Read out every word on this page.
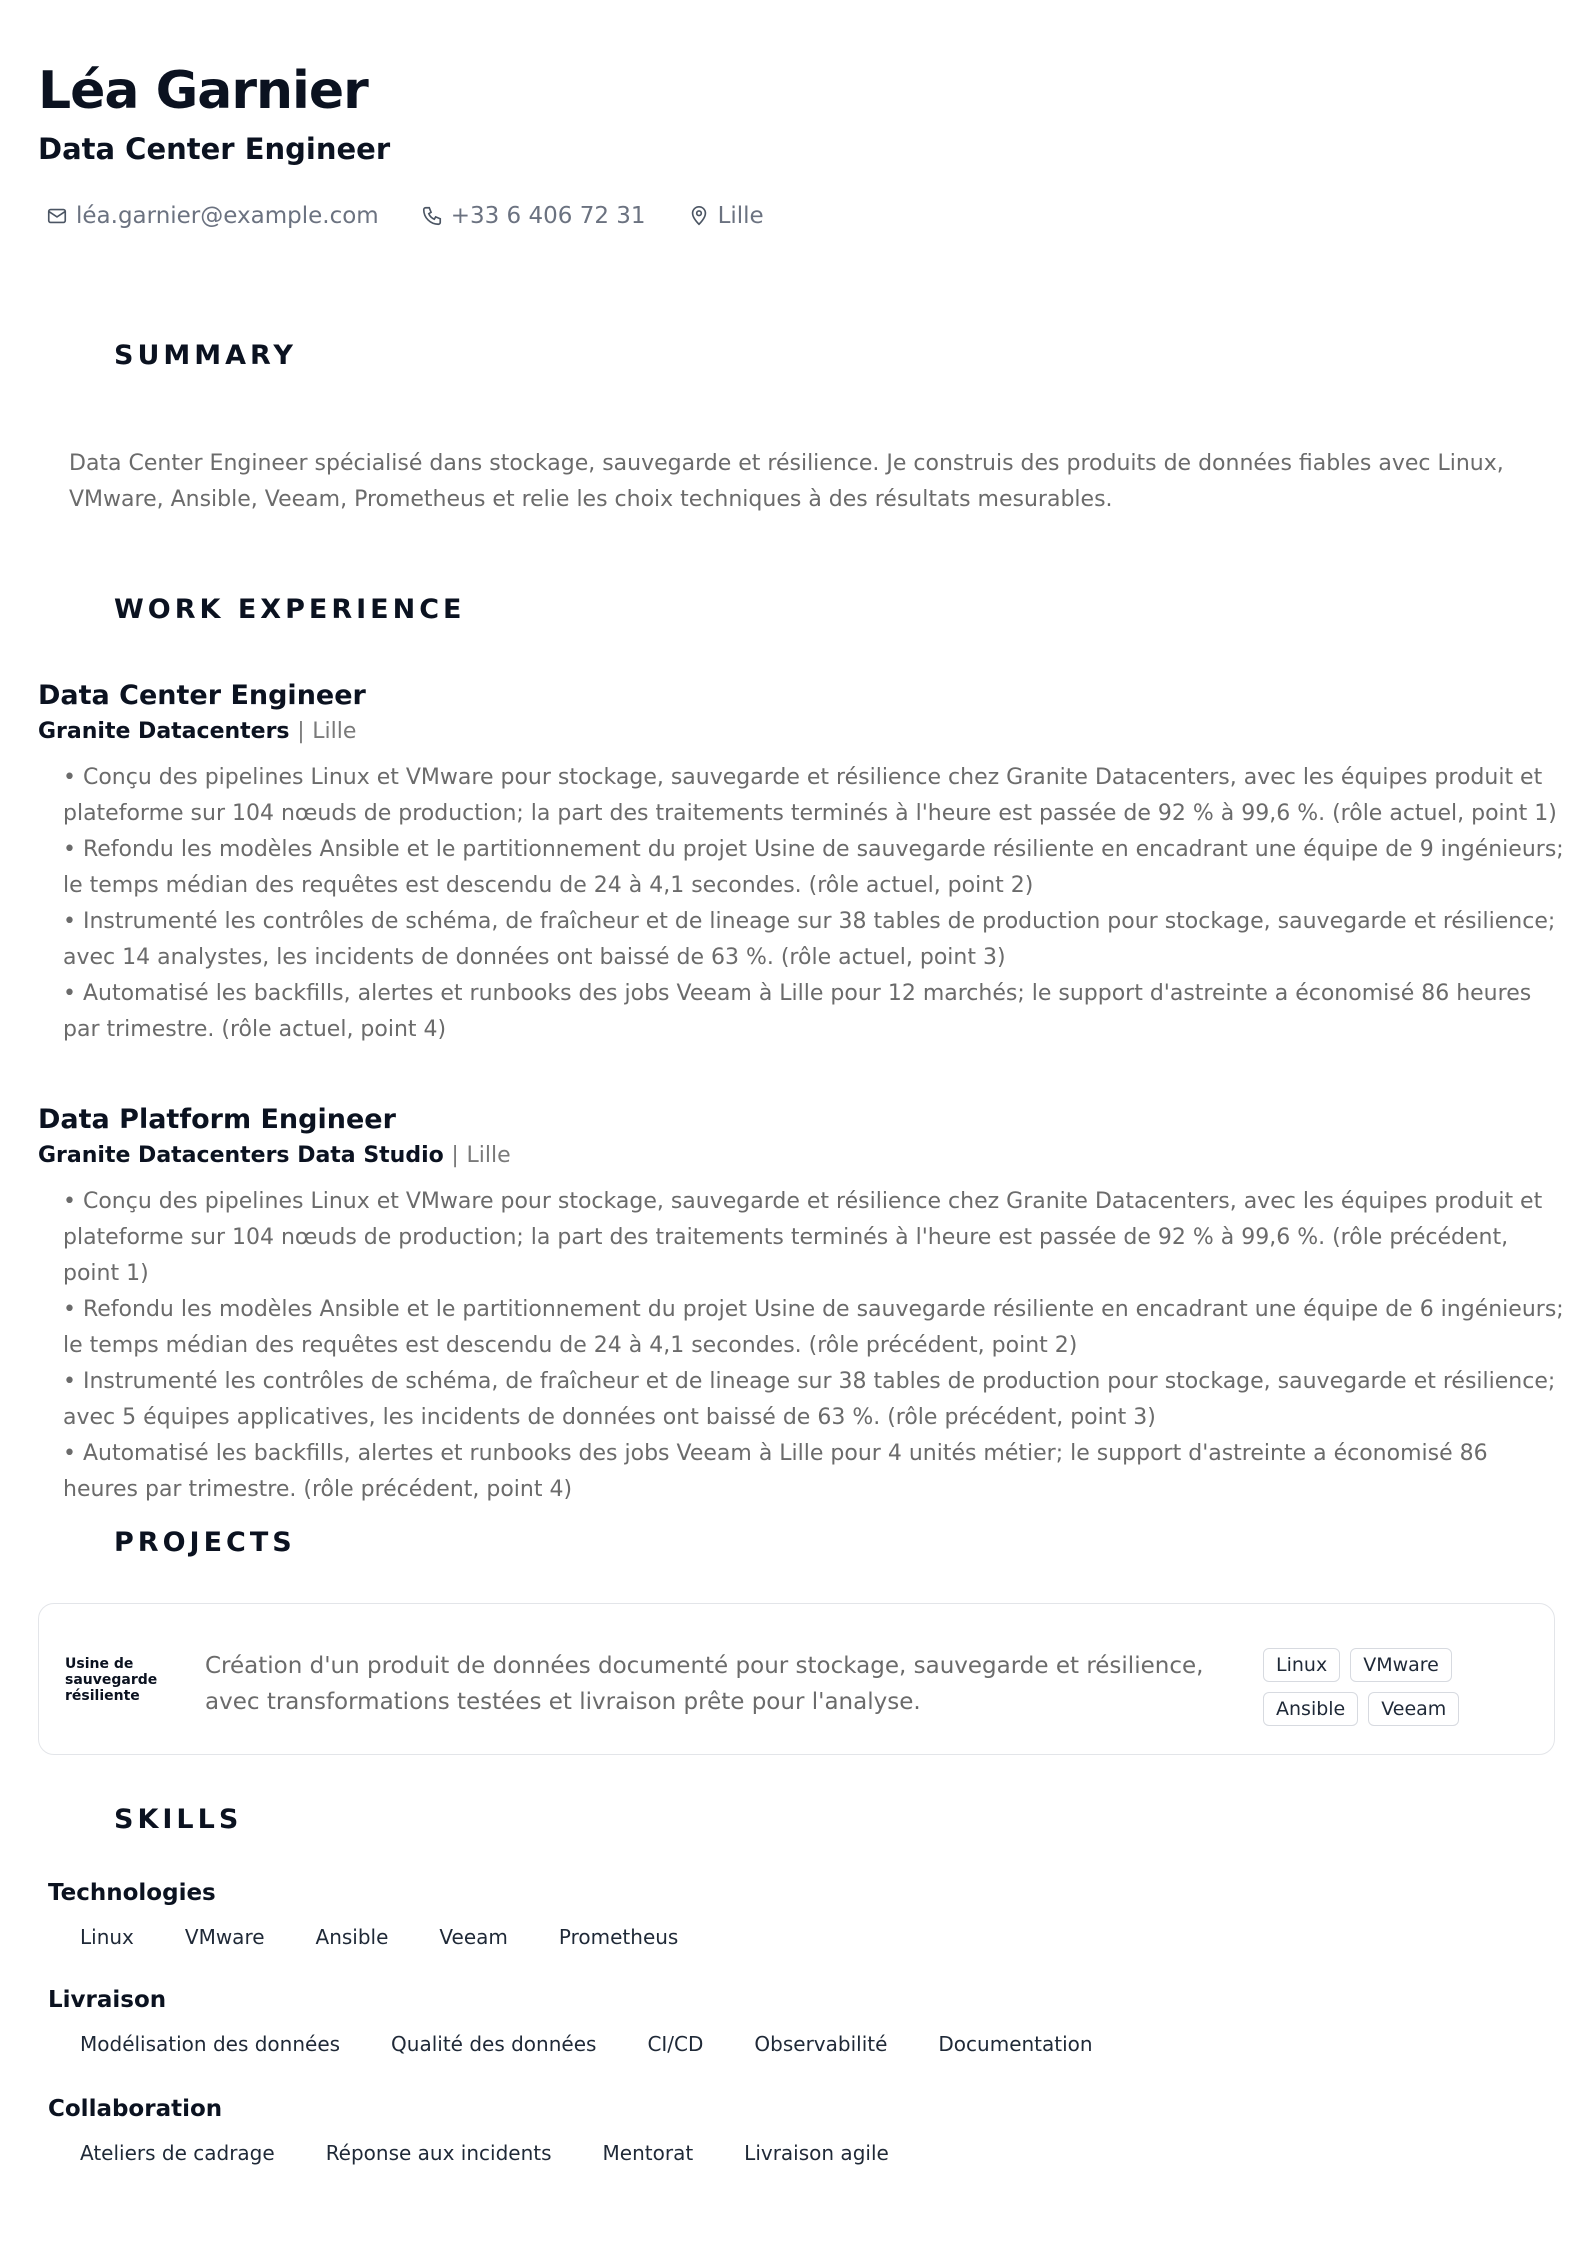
Léa Garnier
Data Center Engineer
léa.garnier@example.com	+33 6 406 72 31	Lille
SUMMARY
Data Center Engineer spécialisé dans stockage, sauvegarde et résilience. Je construis des produits de données fiables avec Linux, VMware, Ansible, Veeam, Prometheus et relie les choix techniques à des résultats mesurables.
WORK EXPERIENCE
Data Center Engineer
Granite Datacenters | Lille
• Conçu des pipelines Linux et VMware pour stockage, sauvegarde et résilience chez Granite Datacenters, avec les équipes produit et plateforme sur 104 nœuds de production; la part des traitements terminés à l'heure est passée de 92 % à 99,6 %. (rôle actuel, point 1)
• Refondu les modèles Ansible et le partitionnement du projet Usine de sauvegarde résiliente en encadrant une équipe de 9 ingénieurs; le temps médian des requêtes est descendu de 24 à 4,1 secondes. (rôle actuel, point 2)
• Instrumenté les contrôles de schéma, de fraîcheur et de lineage sur 38 tables de production pour stockage, sauvegarde et résilience; avec 14 analystes, les incidents de données ont baissé de 63 %. (rôle actuel, point 3)
• Automatisé les backfills, alertes et runbooks des jobs Veeam à Lille pour 12 marchés; le support d'astreinte a économisé 86 heures par trimestre. (rôle actuel, point 4)
Data Platform Engineer
Granite Datacenters Data Studio | Lille
• Conçu des pipelines Linux et VMware pour stockage, sauvegarde et résilience chez Granite Datacenters, avec les équipes produit et plateforme sur 104 nœuds de production; la part des traitements terminés à l'heure est passée de 92 % à 99,6 %. (rôle précédent, point 1)
• Refondu les modèles Ansible et le partitionnement du projet Usine de sauvegarde résiliente en encadrant une équipe de 6 ingénieurs; le temps médian des requêtes est descendu de 24 à 4,1 secondes. (rôle précédent, point 2)
• Instrumenté les contrôles de schéma, de fraîcheur et de lineage sur 38 tables de production pour stockage, sauvegarde et résilience; avec 5 équipes applicatives, les incidents de données ont baissé de 63 %. (rôle précédent, point 3)
• Automatisé les backfills, alertes et runbooks des jobs Veeam à Lille pour 4 unités métier; le support d'astreinte a économisé 86 heures par trimestre. (rôle précédent, point 4)
PROJECTS
Usine de sauvegarde résiliente
Création d'un produit de données documenté pour stockage, sauvegarde et résilience, avec transformations testées et livraison prête pour l'analyse.
Linux	VMware
Ansible	Veeam
SKILLS
Technologies
Linux	VMware	Ansible	Veeam	Prometheus
Livraison
Modélisation des données	Qualité des données	CI/CD	Observabilité	Documentation
Collaboration
Ateliers de cadrage	Réponse aux incidents	Mentorat	Livraison agile
